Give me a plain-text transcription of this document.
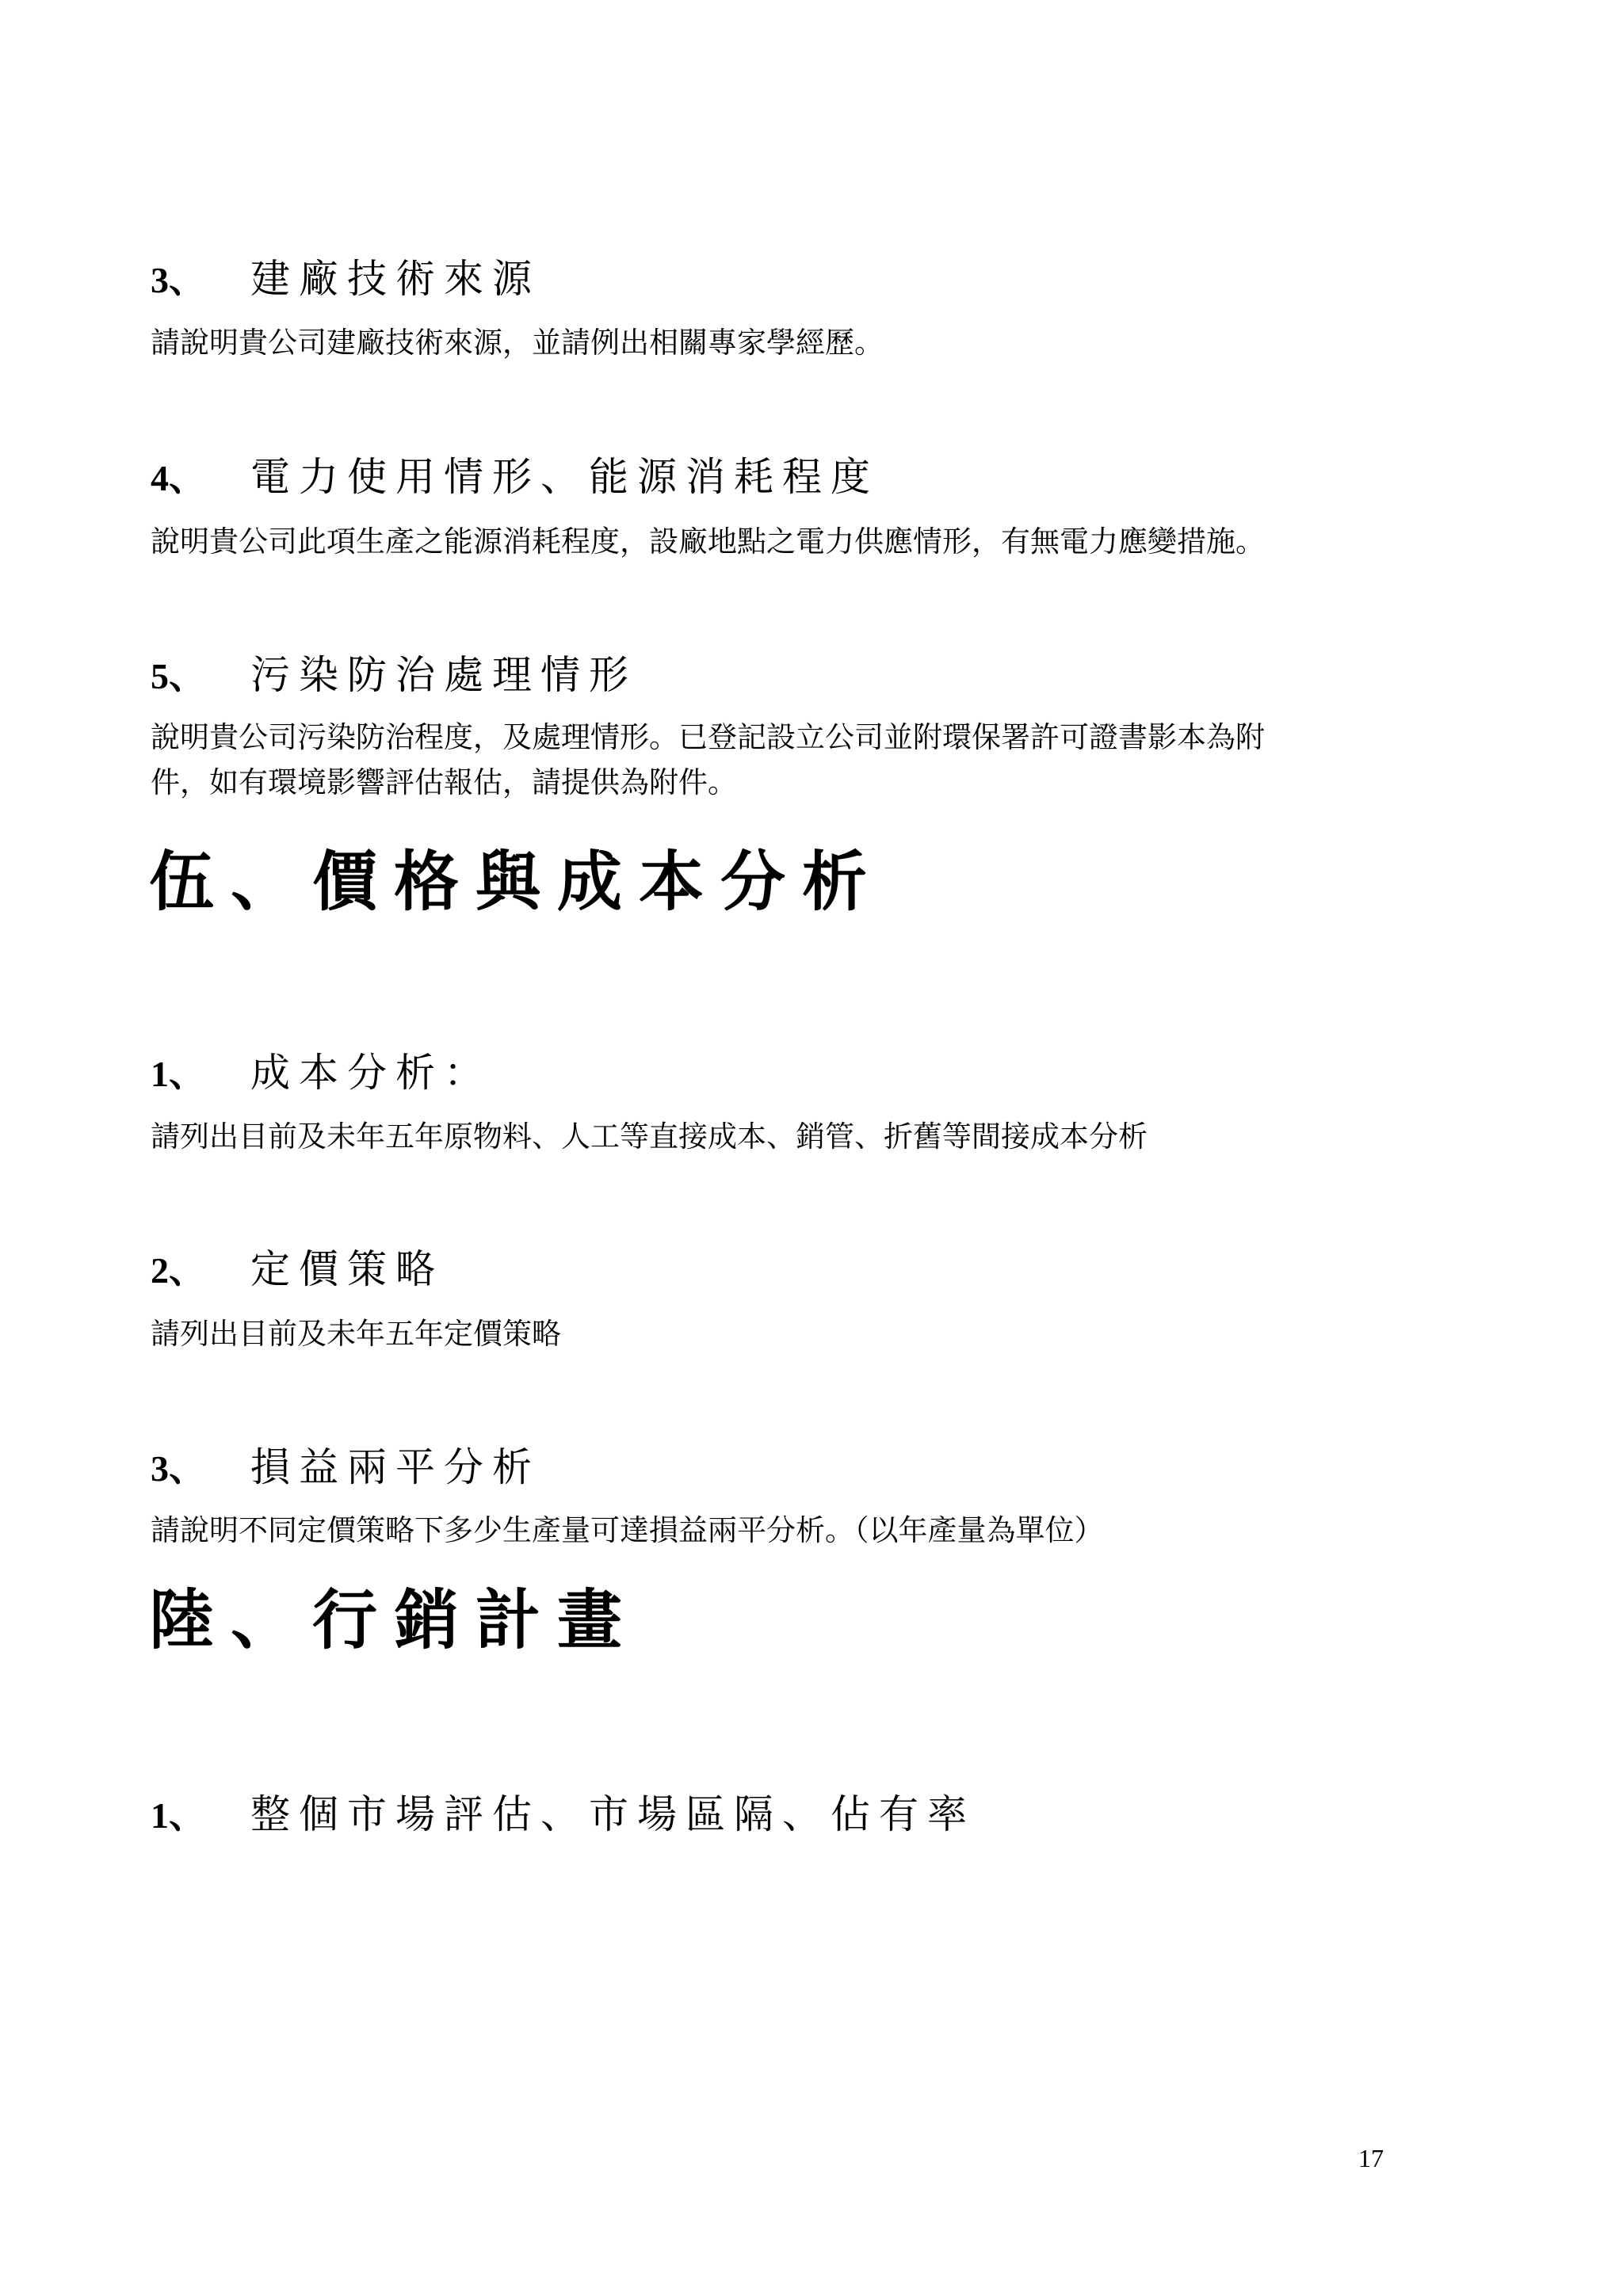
3、	建廠技術來源
請說明貴公司建廠技術來源，並請例出相關專家學經歷。
4、	電力使用情形、能源消耗程度
說明貴公司此項生產之能源消耗程度，設廠地點之電力供應情形，有無電力應變措施。
5、	污染防治處理情形
說明貴公司污染防治程度，及處理情形。已登記設立公司並附環保署許可證書影本為附
件，如有環境影響評估報估，請提供為附件。
伍、價格與成本分析
1、	成本分析：
請列出目前及未年五年原物料、人工等直接成本、銷管、折舊等間接成本分析
2、	定價策略
請列出目前及未年五年定價策略
3、	損益兩平分析
請說明不同定價策略下多少生產量可達損益兩平分析。（以年產量為單位）
陸、行銷計畫
1、	整個市場評估、市場區隔、佔有率
17
